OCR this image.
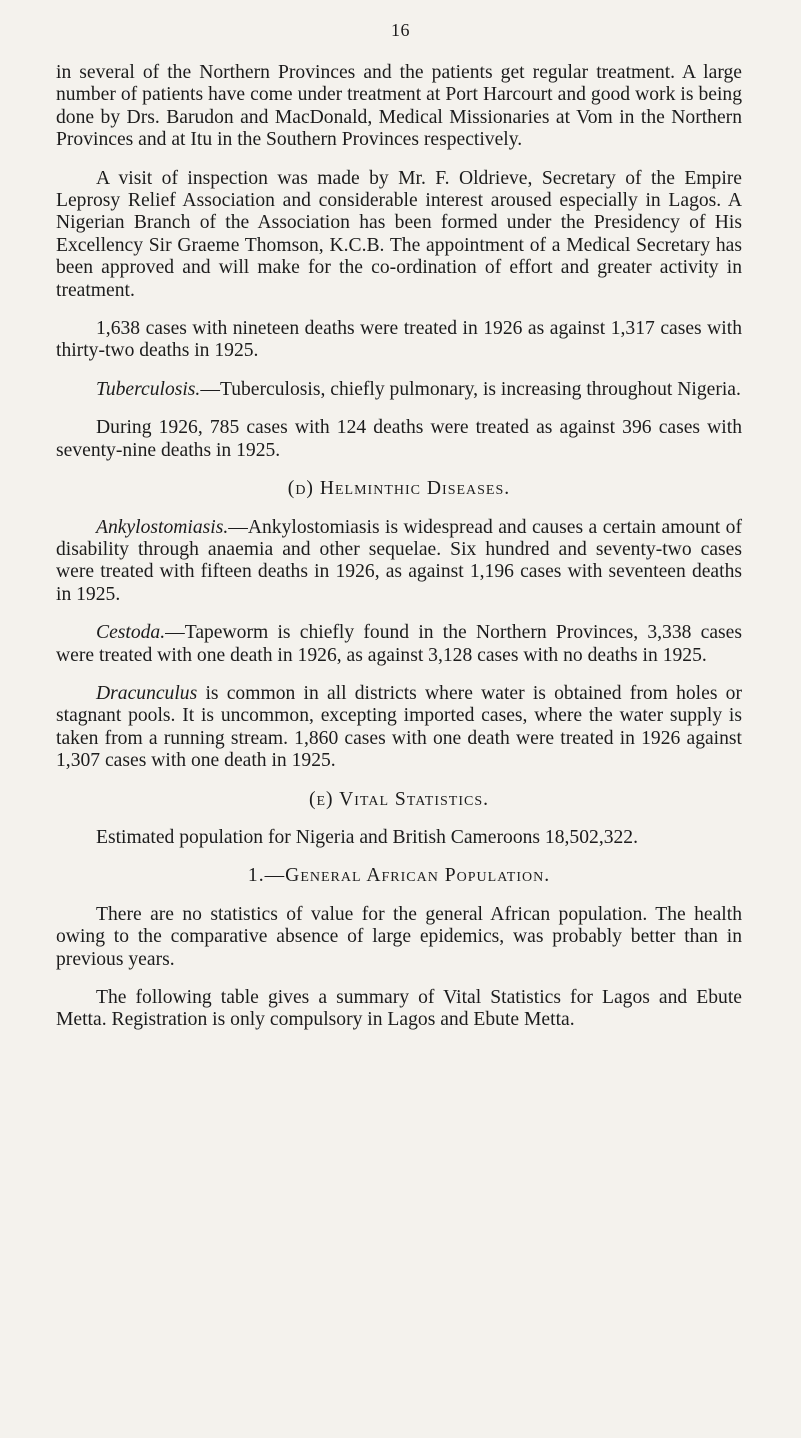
16

in several of the Northern Provinces and the patients get regular treatment. A large number of patients have come under treatment at Port Harcourt and good work is being done by Drs. Barudon and MacDonald, Medical Missionaries at Vom in the Northern Provinces and at Itu in the Southern Provinces respectively.

A visit of inspection was made by Mr. F. Oldrieve, Secretary of the Empire Leprosy Relief Association and considerable interest aroused especially in Lagos. A Nigerian Branch of the Association has been formed under the Presidency of His Excellency Sir Graeme Thomson, K.C.B. The appointment of a Medical Secretary has been approved and will make for the co-ordination of effort and greater activity in treatment.

1,638 cases with nineteen deaths were treated in 1926 as against 1,317 cases with thirty-two deaths in 1925.

Tuberculosis.—Tuberculosis, chiefly pulmonary, is increasing throughout Nigeria.

During 1926, 785 cases with 124 deaths were treated as against 396 cases with seventy-nine deaths in 1925.

(d) Helminthic Diseases.

Ankylostomiasis.—Ankylostomiasis is widespread and causes a certain amount of disability through anaemia and other sequelae. Six hundred and seventy-two cases were treated with fifteen deaths in 1926, as against 1,196 cases with seventeen deaths in 1925.

Cestoda.—Tapeworm is chiefly found in the Northern Provinces, 3,338 cases were treated with one death in 1926, as against 3,128 cases with no deaths in 1925.

Dracunculus is common in all districts where water is obtained from holes or stagnant pools. It is uncommon, excepting imported cases, where the water supply is taken from a running stream. 1,860 cases with one death were treated in 1926 against 1,307 cases with one death in 1925.

(e) Vital Statistics.

Estimated population for Nigeria and British Cameroons 18,502,322.

1.—General African Population.

There are no statistics of value for the general African population. The health owing to the comparative absence of large epidemics, was probably better than in previous years.

The following table gives a summary of Vital Statistics for Lagos and Ebute Metta. Registration is only compulsory in Lagos and Ebute Metta.
